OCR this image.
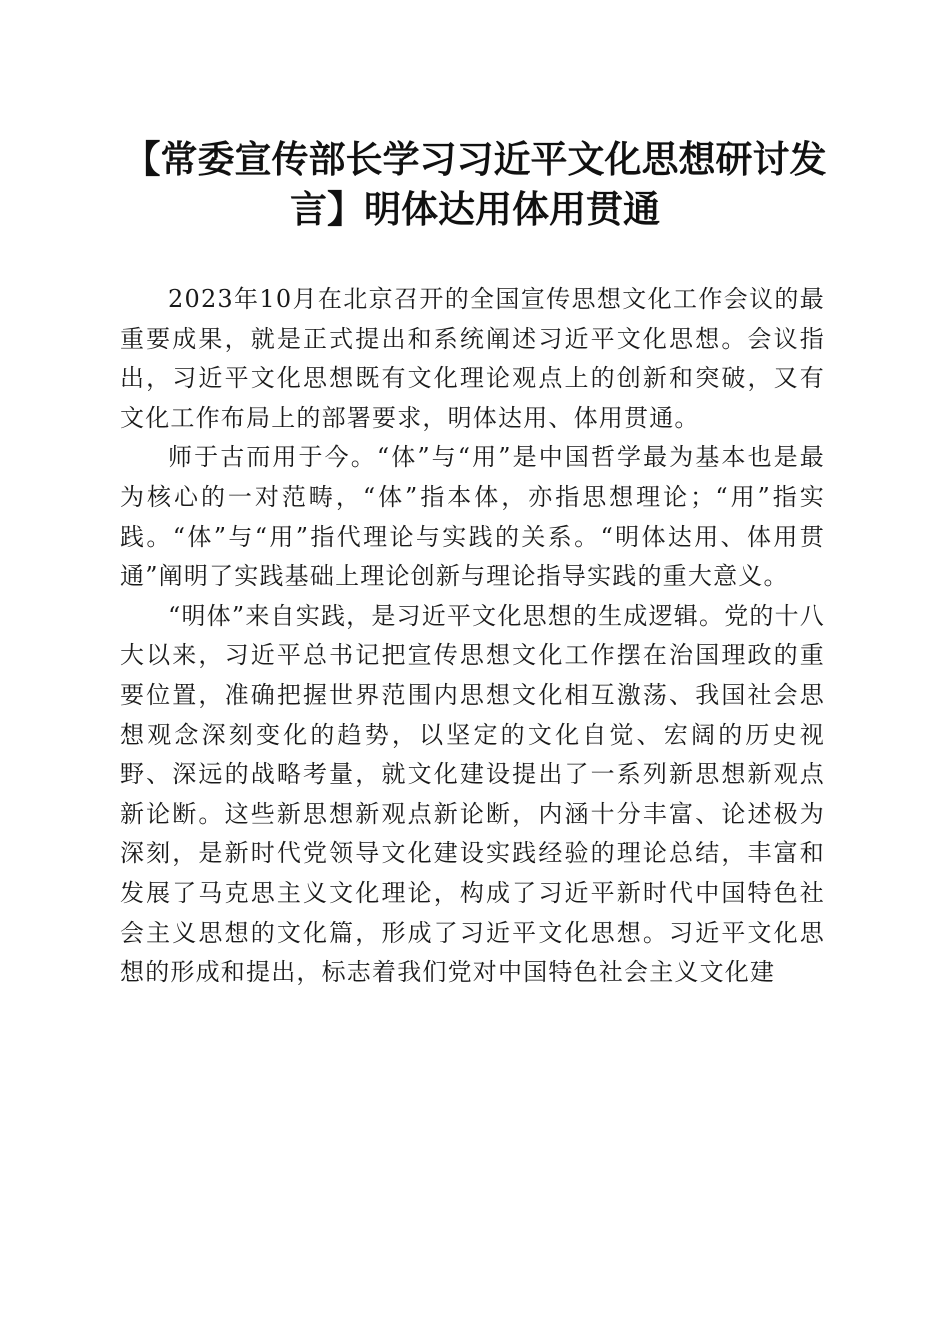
【常委宣传部长学习习近平文化思想研讨发
言】明体达用体用贯通

2023年10月在北京召开的全国宣传思想文化工作会议的最重要成果，就是正式提出和系统阐述习近平文化思想。会议指出，习近平文化思想既有文化理论观点上的创新和突破，又有文化工作布局上的部署要求，明体达用、体用贯通。

师于古而用于今。“体”与“用”是中国哲学最为基本也是最为核心的一对范畴，“体”指本体，亦指思想理论；“用”指实践。“体”与“用”指代理论与实践的关系。“明体达用、体用贯通”阐明了实践基础上理论创新与理论指导实践的重大意义。

“明体”来自实践，是习近平文化思想的生成逻辑。党的十八大以来，习近平总书记把宣传思想文化工作摆在治国理政的重要位置，准确把握世界范围内思想文化相互激荡、我国社会思想观念深刻变化的趋势，以坚定的文化自觉、宏阔的历史视野、深远的战略考量，就文化建设提出了一系列新思想新观点新论断。这些新思想新观点新论断，内涵十分丰富、论述极为深刻，是新时代党领导文化建设实践经验的理论总结，丰富和发展了马克思主义文化理论，构成了习近平新时代中国特色社会主义思想的文化篇，形成了习近平文化思想。习近平文化思想的形成和提出，标志着我们党对中国特色社会主义文化建
